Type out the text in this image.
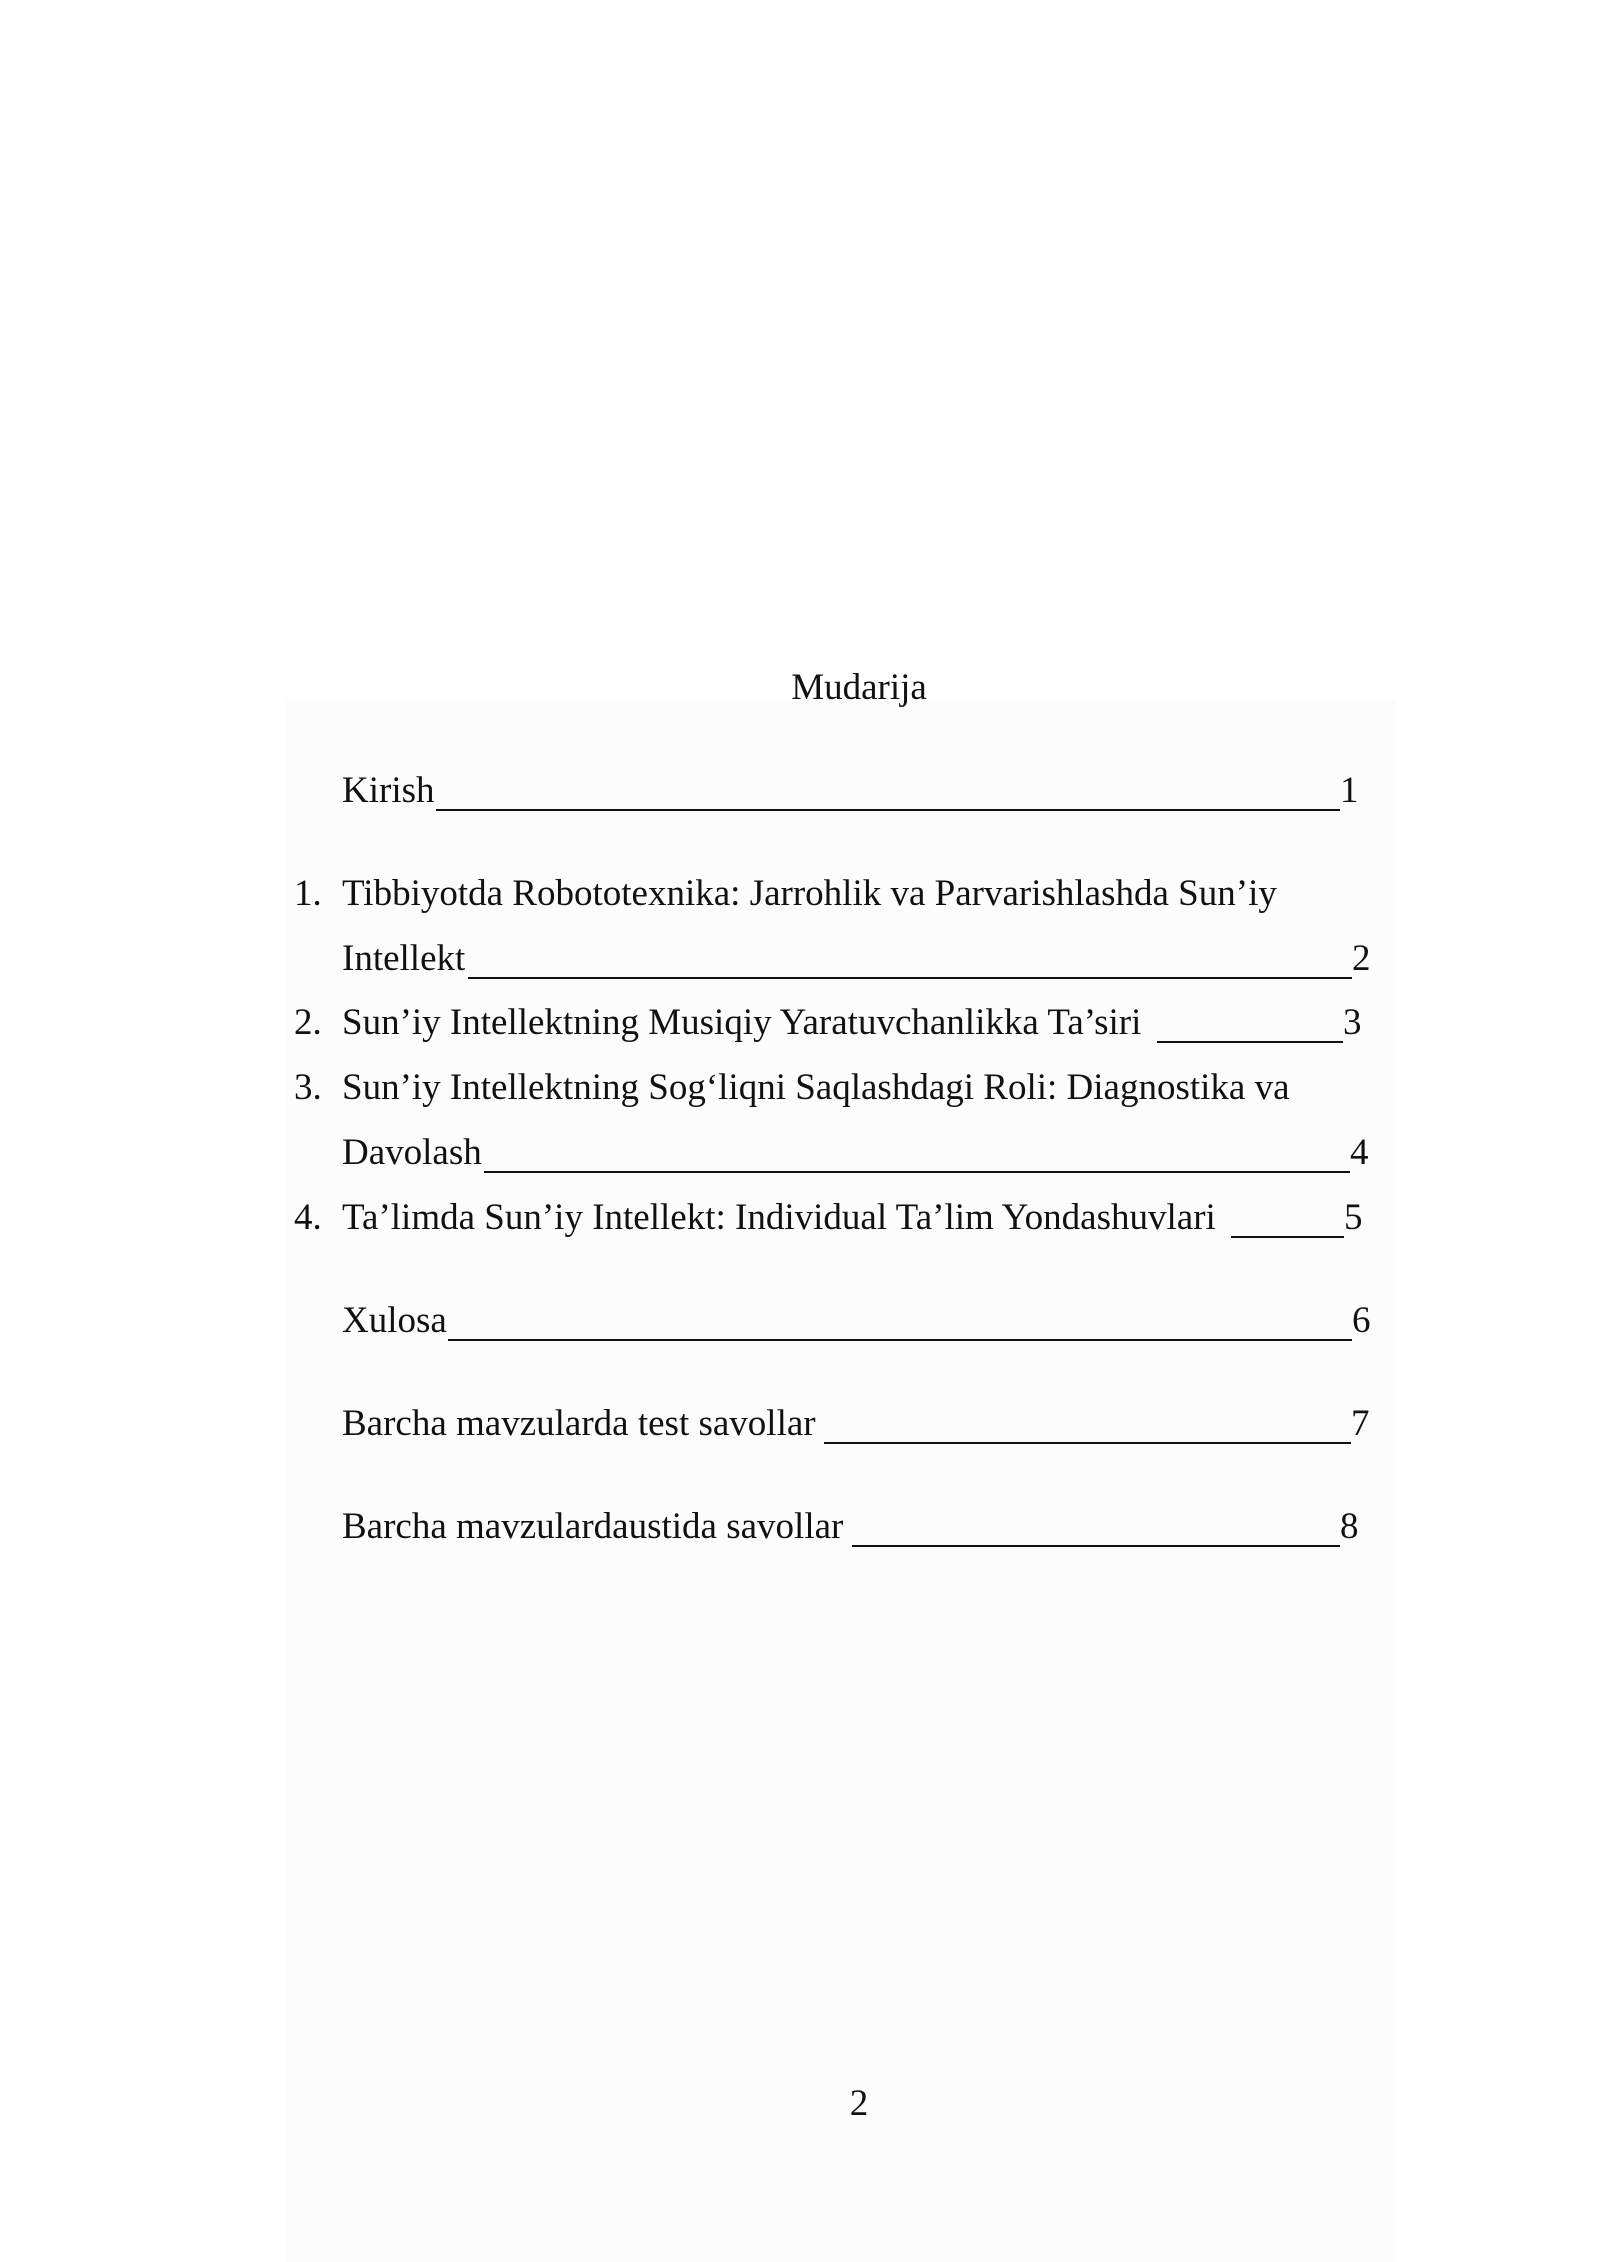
Mudarija
Kirish	1
1. Tibbiyotda Robototexnika: Jarrohlik va Parvarishlashda Sun’iy
Intellekt	2
2. Sun’iy Intellektning Musiqiy Yaratuvchanlikka Ta’siri	3
3. Sun’iy Intellektning Sog‘liqni Saqlashdagi Roli: Diagnostika va
Davolash	4
4. Ta’limda Sun’iy Intellekt: Individual Ta’lim Yondashuvlari	5
Xulosa	6
Barcha mavzularda test savollar	7
Barcha mavzulardaustida savollar	8
2
